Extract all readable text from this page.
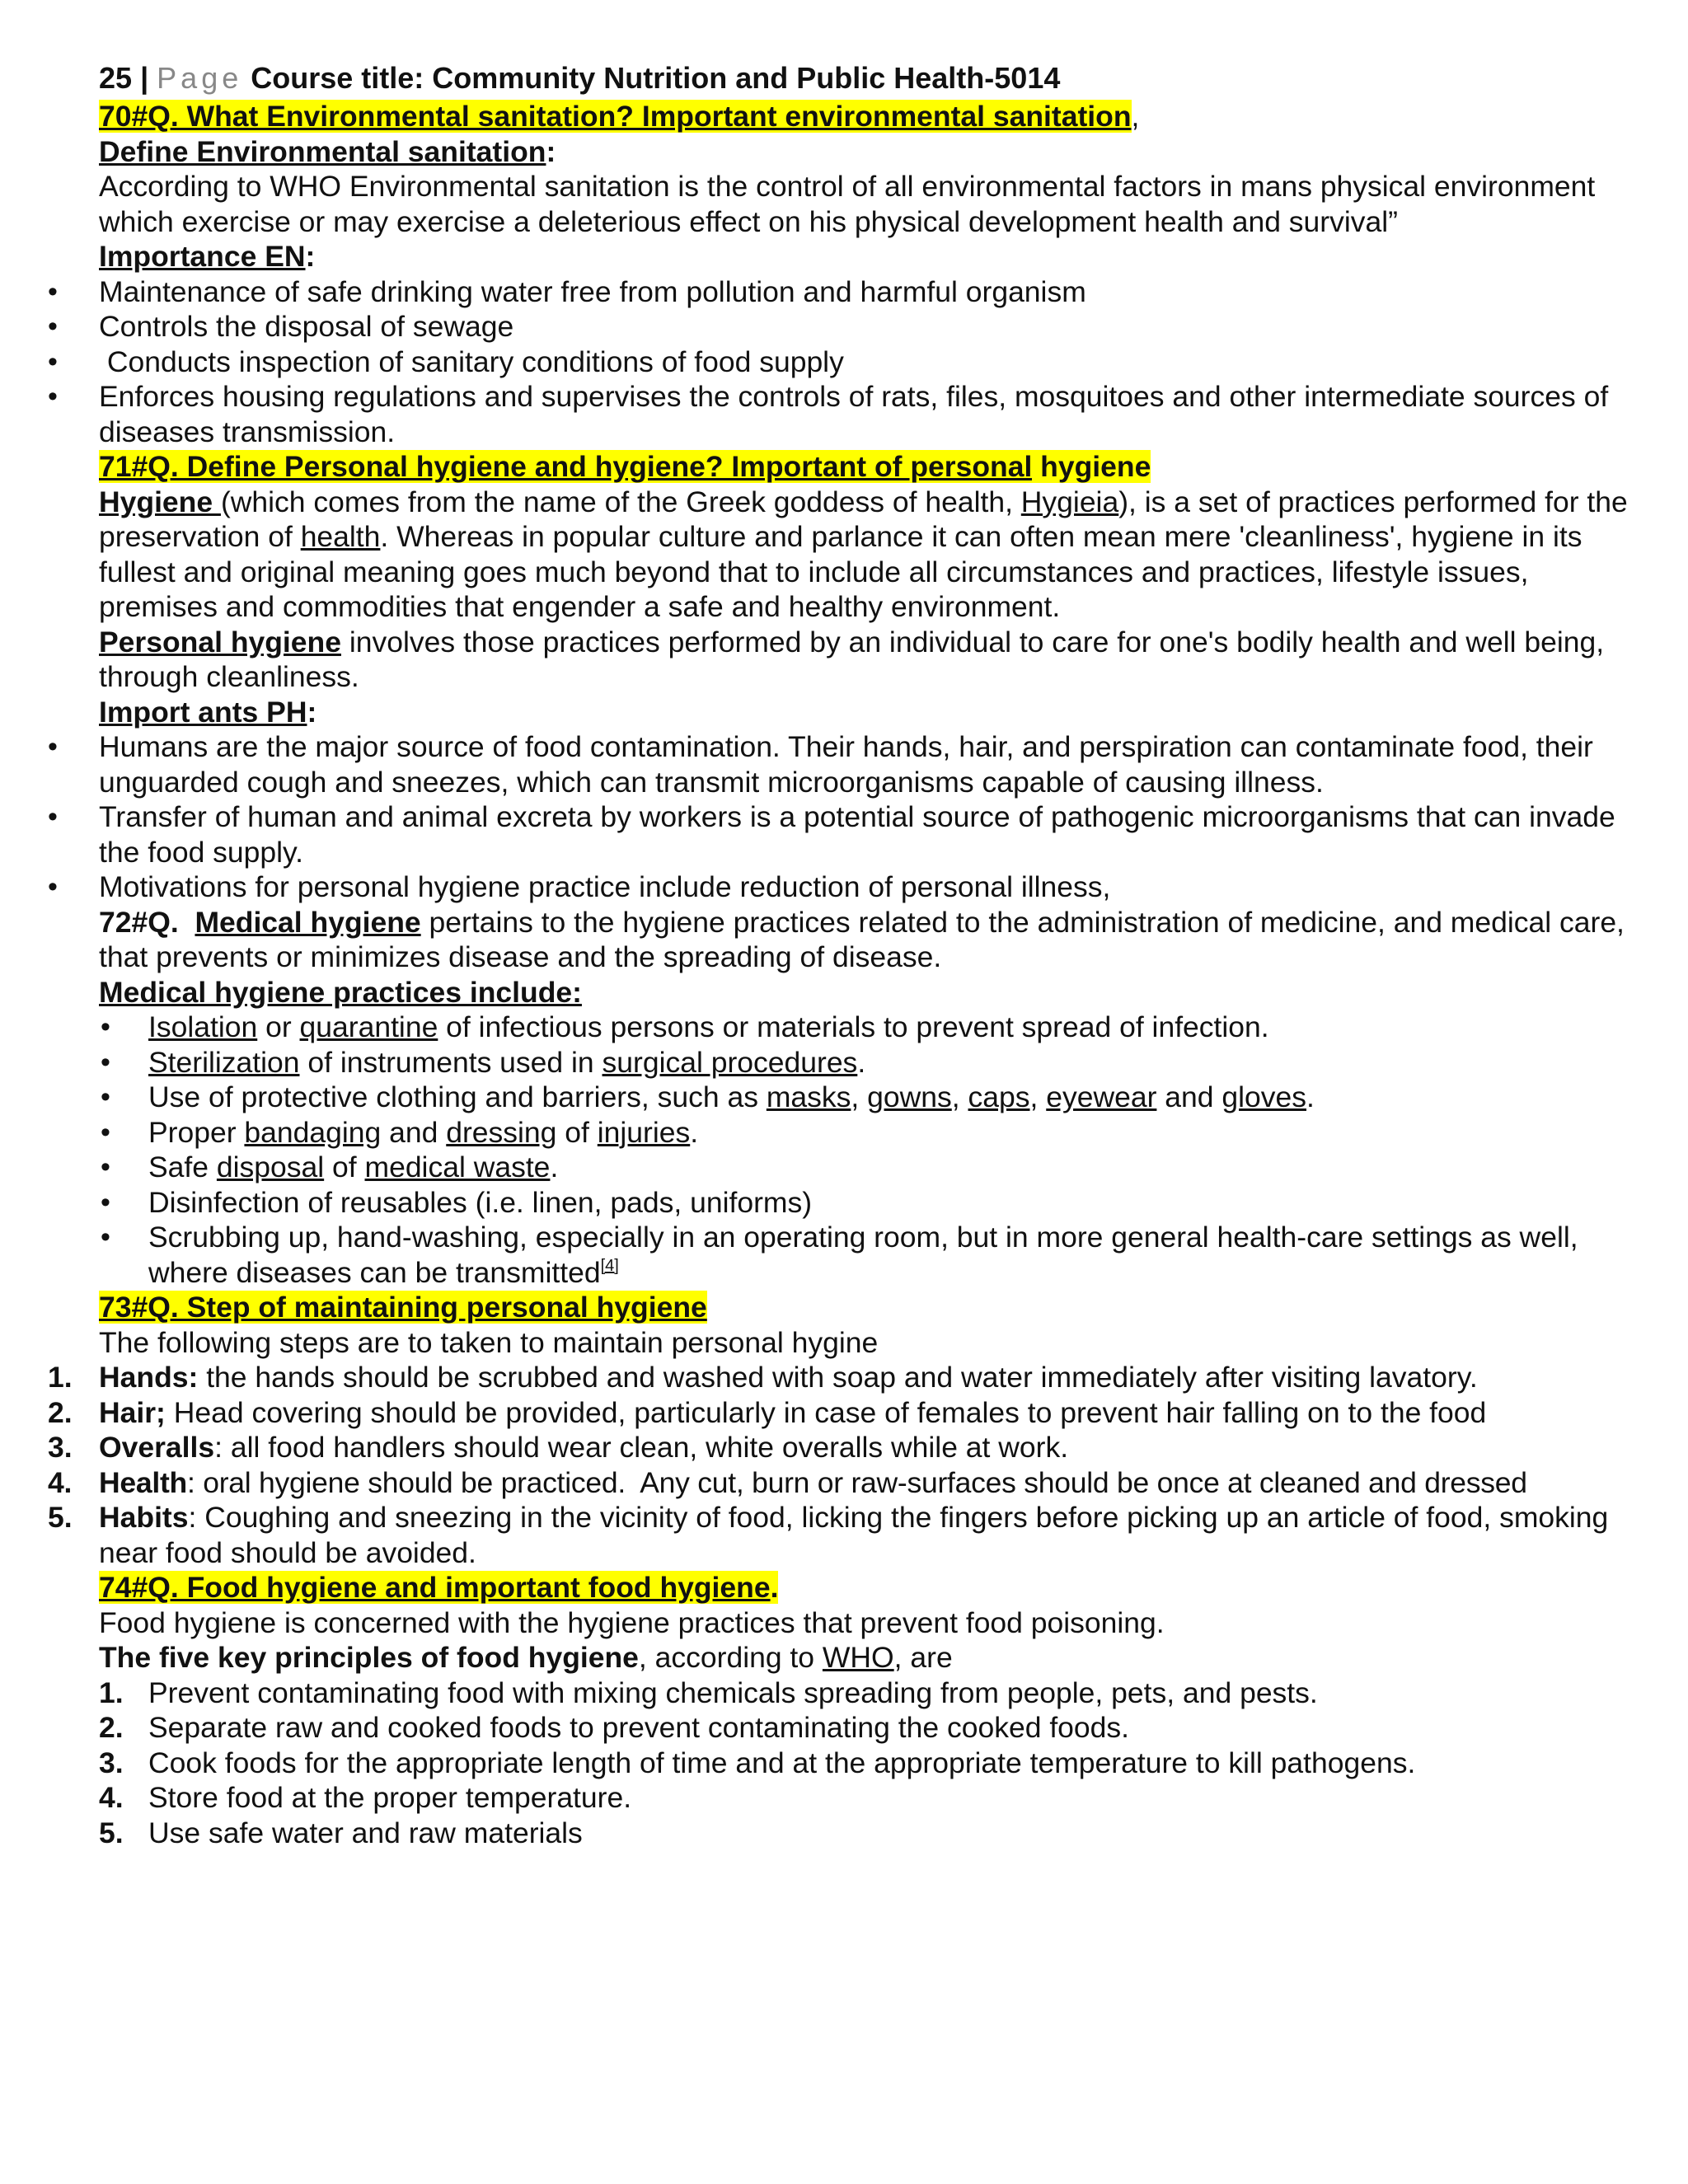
25 | Page Course title: Community Nutrition and Public Health-5014

70#Q. What Environmental sanitation? Important environmental sanitation,

Define Environmental sanitation:

According to WHO Environmental sanitation is the control of all environmental factors in mans physical environment which exercise or may exercise a deleterious effect on his physical development health and survival”

Importance EN:

• Maintenance of safe drinking water free from pollution and harmful organism

• Controls the disposal of sewage

•  Conducts inspection of sanitary conditions of food supply

• Enforces housing regulations and supervises the controls of rats, files, mosquitoes and other intermediate sources of diseases transmission.

71#Q. Define Personal hygiene and hygiene? Important of personal hygiene

Hygiene (which comes from the name of the Greek goddess of health, Hygieia), is a set of practices performed for the preservation of health. Whereas in popular culture and parlance it can often mean mere 'cleanliness', hygiene in its fullest and original meaning goes much beyond that to include all circumstances and practices, lifestyle issues, premises and commodities that engender a safe and healthy environment.

Personal hygiene involves those practices performed by an individual to care for one's bodily health and well being, through cleanliness.

Import ants PH:

• Humans are the major source of food contamination. Their hands, hair, and perspiration can contaminate food, their unguarded cough and sneezes, which can transmit microorganisms capable of causing illness.

• Transfer of human and animal excreta by workers is a potential source of pathogenic microorganisms that can invade the food supply.

• Motivations for personal hygiene practice include reduction of personal illness,

72#Q.  Medical hygiene pertains to the hygiene practices related to the administration of medicine, and medical care, that prevents or minimizes disease and the spreading of disease.

Medical hygiene practices include:

• Isolation or quarantine of infectious persons or materials to prevent spread of infection.

• Sterilization of instruments used in surgical procedures.

• Use of protective clothing and barriers, such as masks, gowns, caps, eyewear and gloves.

• Proper bandaging and dressing of injuries.

• Safe disposal of medical waste.

• Disinfection of reusables (i.e. linen, pads, uniforms)

• Scrubbing up, hand-washing, especially in an operating room, but in more general health-care settings as well, where diseases can be transmitted[4]

73#Q. Step of maintaining personal hygiene

The following steps are to taken to maintain personal hygine

1. Hands: the hands should be scrubbed and washed with soap and water immediately after visiting lavatory.

2. Hair; Head covering should be provided, particularly in case of females to prevent hair falling on to the food

3. Overalls: all food handlers should wear clean, white overalls while at work.

4. Health: oral hygiene should be practiced.  Any cut, burn or raw-surfaces should be once at cleaned and dressed

5. Habits: Coughing and sneezing in the vicinity of food, licking the fingers before picking up an article of food, smoking near food should be avoided.

74#Q. Food hygiene and important food hygiene.

Food hygiene is concerned with the hygiene practices that prevent food poisoning.

The five key principles of food hygiene, according to WHO, are

1. Prevent contaminating food with mixing chemicals spreading from people, pets, and pests.

2. Separate raw and cooked foods to prevent contaminating the cooked foods.

3. Cook foods for the appropriate length of time and at the appropriate temperature to kill pathogens.

4. Store food at the proper temperature.

5. Use safe water and raw materials
